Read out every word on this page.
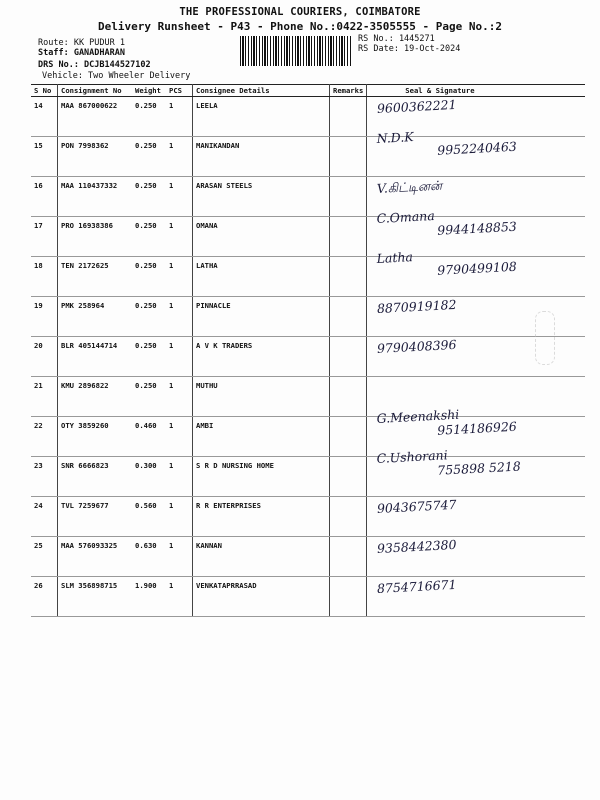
THE PROFESSIONAL COURIERS, COIMBATORE
Delivery Runsheet - P43 - Phone No.:0422-3505555 - Page No.:2
Route: KK PUDUR 1
Staff: GANADHARAN
DRS No.: DCJB144527102
Vehicle: Two Wheeler Delivery
RS No.: 1445271
RS Date: 19-Oct-2024
S No	Consignment No	Weight	PCS	Consignee Details	Remarks	Seal & Signature
14	MAA 867000622	0.250	1	LEELA		9600362221

15	PON 7998362	0.250	1	MANIKANDAN		N.D.K
9952240463

16	MAA 110437332	0.250	1	ARASAN STEELS		V.கிட்டினன்

17	PRO 16938386	0.250	1	OMANA		C.Omana
9944148853

18	TEN 2172625	0.250	1	LATHA		Latha
9790499108

19	PMK 258964	0.250	1	PINNACLE		8870919182

20	BLR 405144714	0.250	1	A V K TRADERS		9790408396

21	KMU 2896822	0.250	1	MUTHU		

22	OTY 3859260	0.460	1	AMBI		G.Meenakshi
9514186926

23	SNR 6666823	0.300	1	S R D NURSING HOME		C.Ushorani
755898 5218

24	TVL 7259677	0.560	1	R R ENTERPRISES		9043675747

25	MAA 576093325	0.630	1	KANNAN		9358442380

26	SLM 356898715	1.900	1	VENKATAPRRASAD		8754716671
